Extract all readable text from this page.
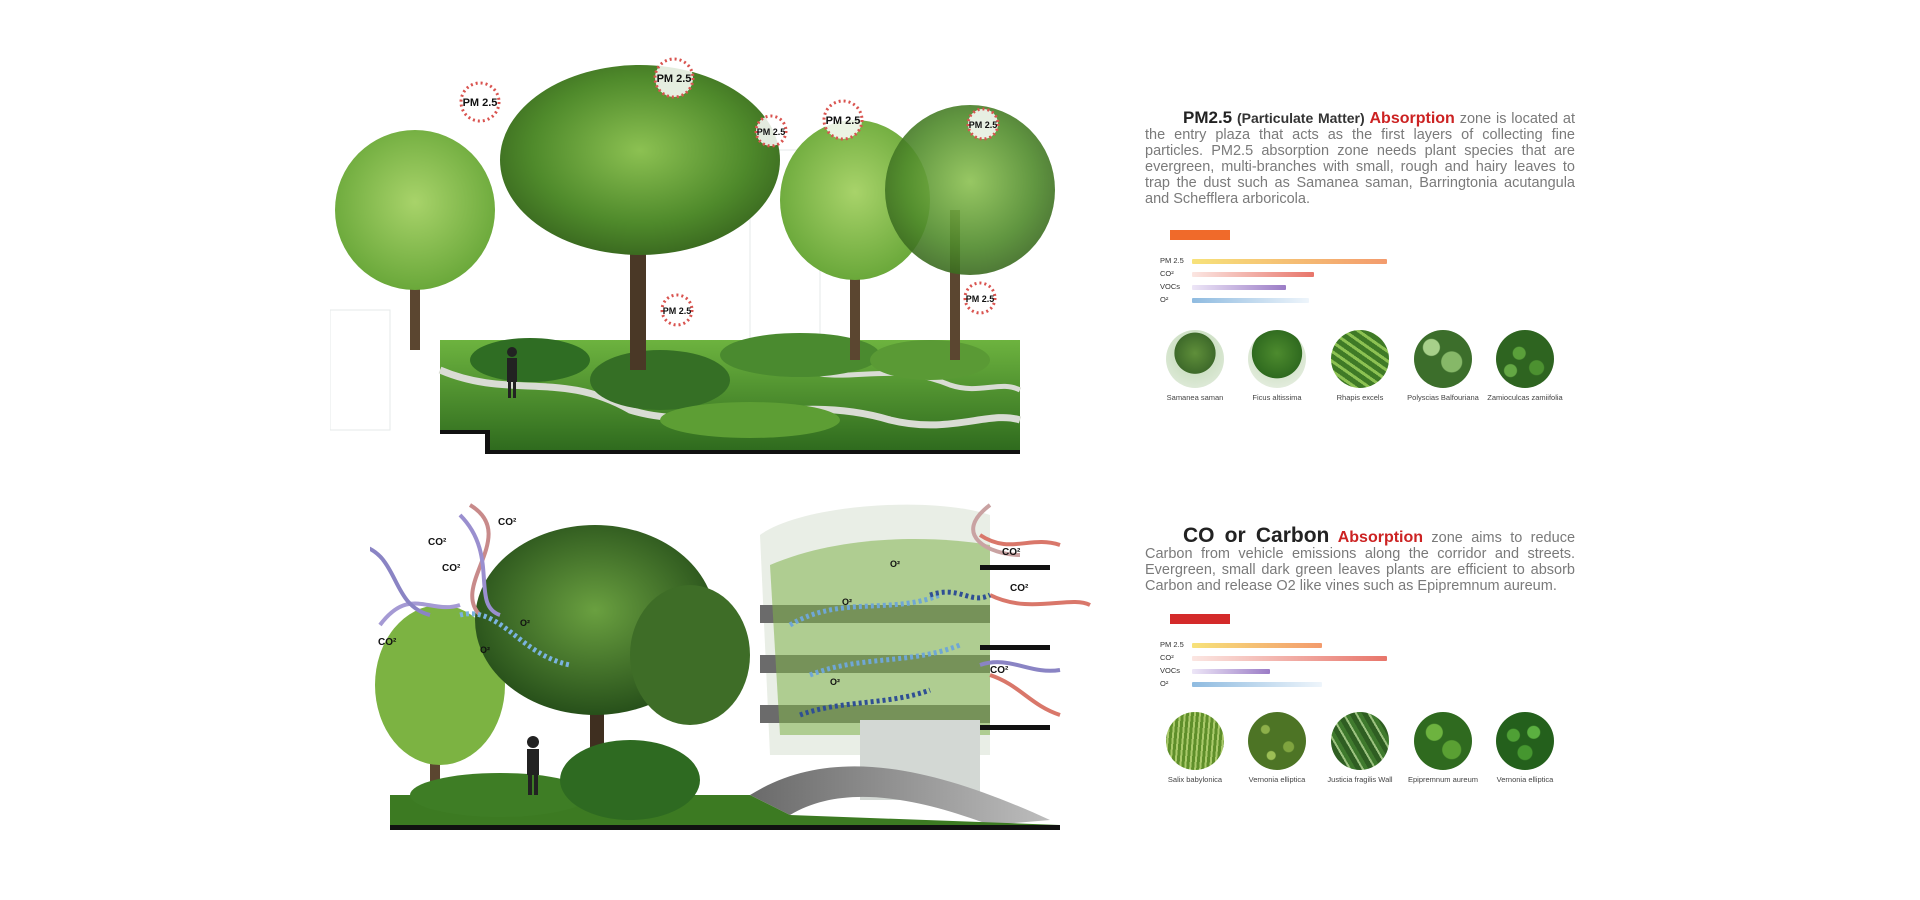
PM 2.5
PM 2.5
PM 2.5
PM 2.5	PM 2.5
PM 2.5
PM 2.5
CO²
CO²
CO²
CO²
CO²
CO²
CO²
O²
O²
O²
O²
O²

PM2.5 (Particulate Matter) Absorption zone is located at the entry plaza that acts as the first layers of collecting fine particles. PM2.5 absorption zone needs plant species that are evergreen, multi-branches with small, rough and hairy leaves to trap the dust such as Samanea saman, Barringtonia acutangula and Schefflera arboricola.

PM 2.5
CO²
VOCs
O²
Samanea saman	Ficus altissima	Rhapis excels	Polyscias Balfouriana	Zamioculcas zamiifolia

CO or Carbon Absorption zone aims to reduce Carbon from vehicle emissions along the corridor and streets. Evergreen, small dark green leaves plants are efficient to absorb Carbon and release O2 like vines such as Epipremnum aureum.

PM 2.5
CO²
VOCs
O²
Salix babylonica	Vernonia elliptica	Justicia fragilis Wall	Epipremnum aureum	Vernonia elliptica
